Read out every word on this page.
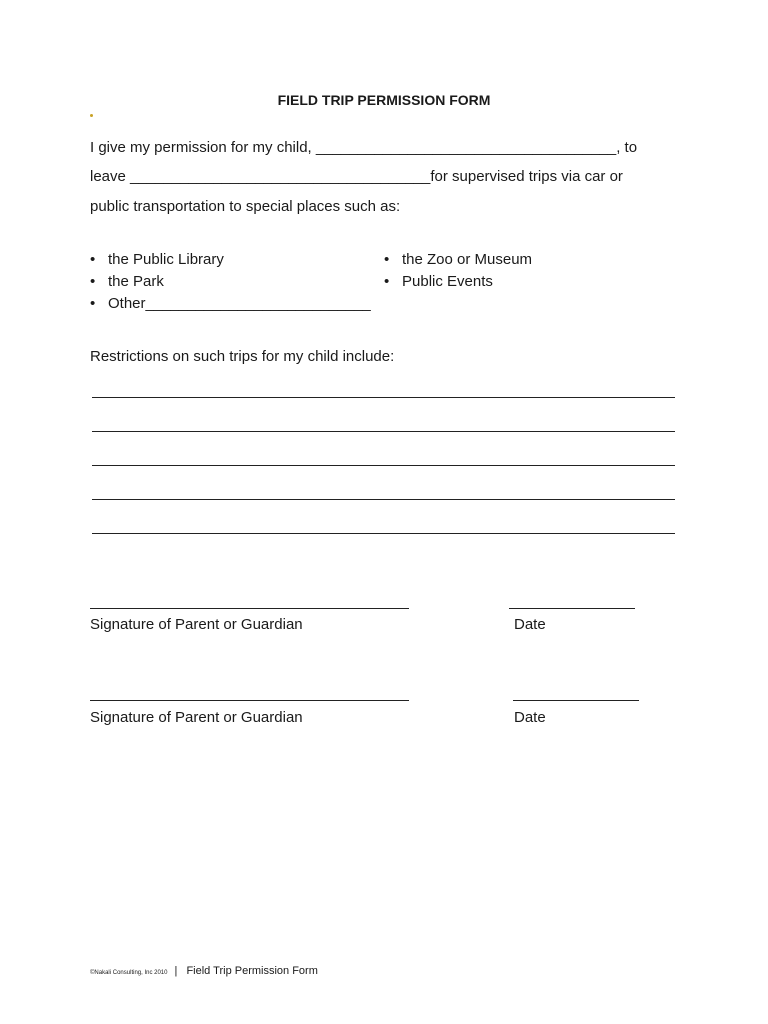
FIELD TRIP PERMISSION FORM
I give my permission for my child, ____________________________________, to
leave ____________________________________for supervised trips via car or
public transportation to special places such as:
• the Public Library
• the Park
• Other___________________________
• the Zoo or Museum
• Public Events
Restrictions on such trips for my child include:
Signature of Parent or Guardian	Date
Signature of Parent or Guardian	Date
©Nakali Consulting, Inc 2010 | Field Trip Permission Form
